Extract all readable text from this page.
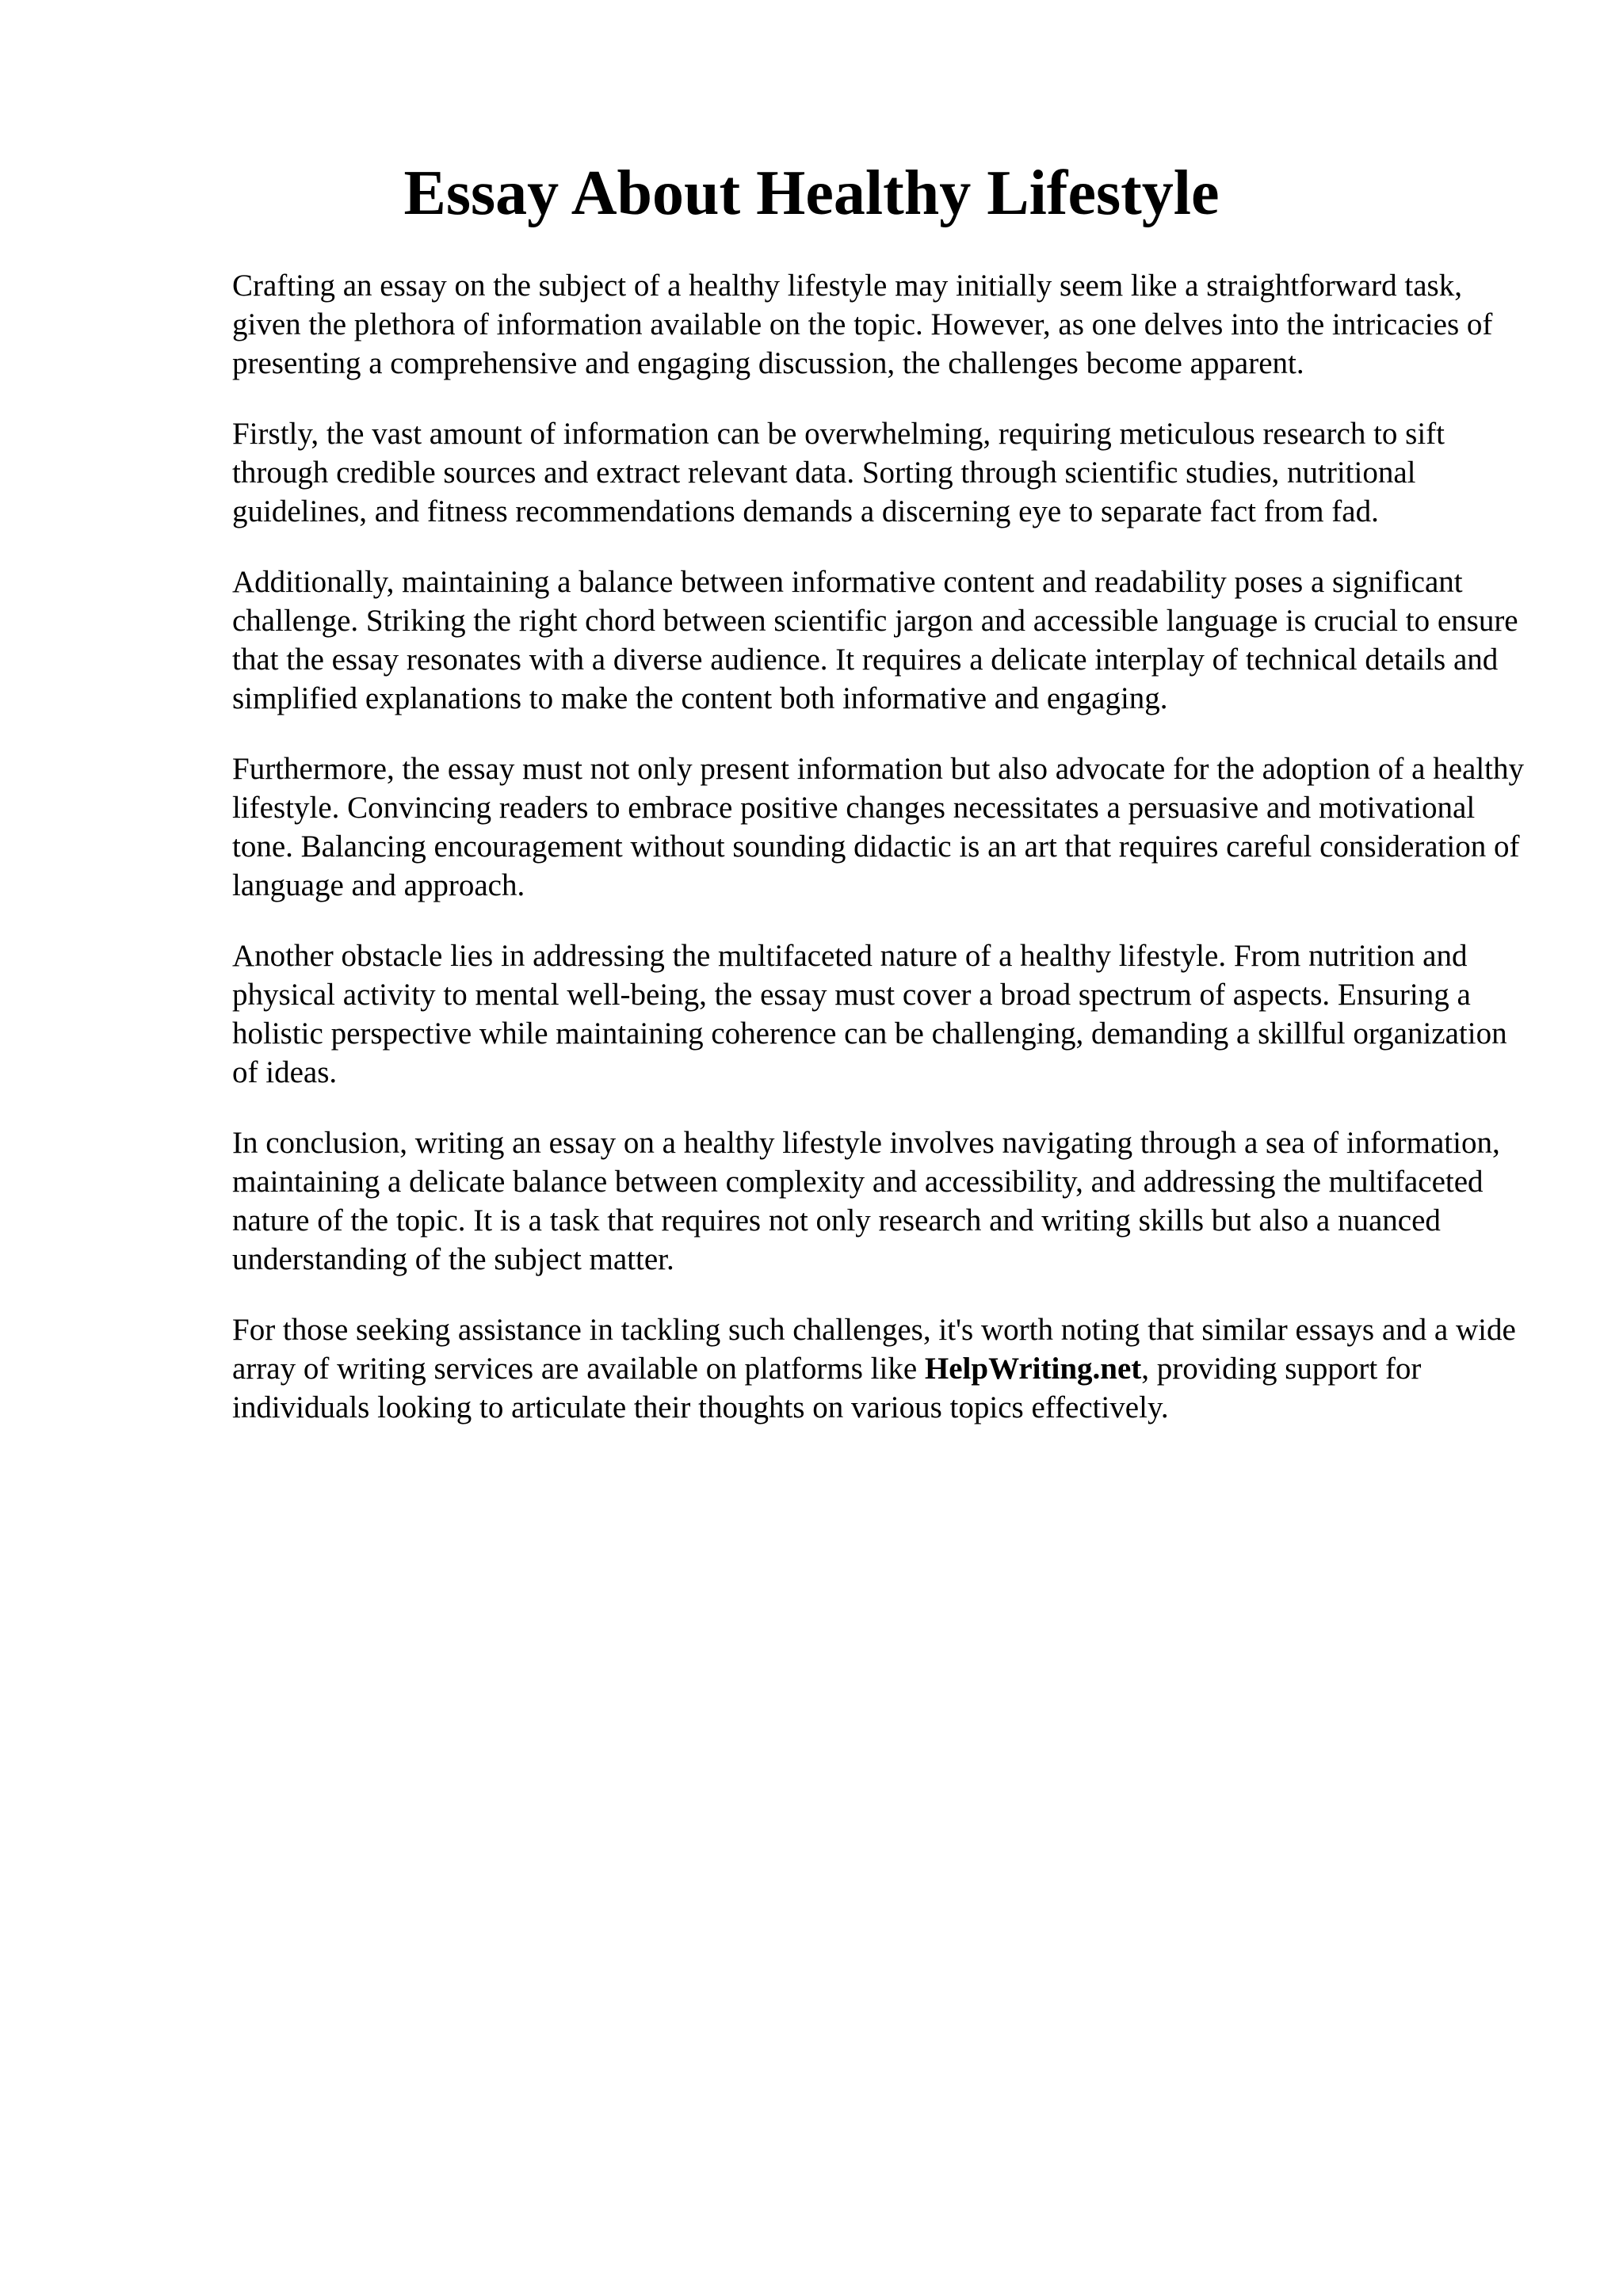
Essay About Healthy Lifestyle

Crafting an essay on the subject of a healthy lifestyle may initially seem like a straightforward task, given the plethora of information available on the topic. However, as one delves into the intricacies of presenting a comprehensive and engaging discussion, the challenges become apparent.

Firstly, the vast amount of information can be overwhelming, requiring meticulous research to sift through credible sources and extract relevant data. Sorting through scientific studies, nutritional guidelines, and fitness recommendations demands a discerning eye to separate fact from fad.

Additionally, maintaining a balance between informative content and readability poses a significant challenge. Striking the right chord between scientific jargon and accessible language is crucial to ensure that the essay resonates with a diverse audience. It requires a delicate interplay of technical details and simplified explanations to make the content both informative and engaging.

Furthermore, the essay must not only present information but also advocate for the adoption of a healthy lifestyle. Convincing readers to embrace positive changes necessitates a persuasive and motivational tone. Balancing encouragement without sounding didactic is an art that requires careful consideration of language and approach.

Another obstacle lies in addressing the multifaceted nature of a healthy lifestyle. From nutrition and physical activity to mental well-being, the essay must cover a broad spectrum of aspects. Ensuring a holistic perspective while maintaining coherence can be challenging, demanding a skillful organization of ideas.

In conclusion, writing an essay on a healthy lifestyle involves navigating through a sea of information, maintaining a delicate balance between complexity and accessibility, and addressing the multifaceted nature of the topic. It is a task that requires not only research and writing skills but also a nuanced understanding of the subject matter.

For those seeking assistance in tackling such challenges, it's worth noting that similar essays and a wide array of writing services are available on platforms like HelpWriting.net, providing support for individuals looking to articulate their thoughts on various topics effectively.
